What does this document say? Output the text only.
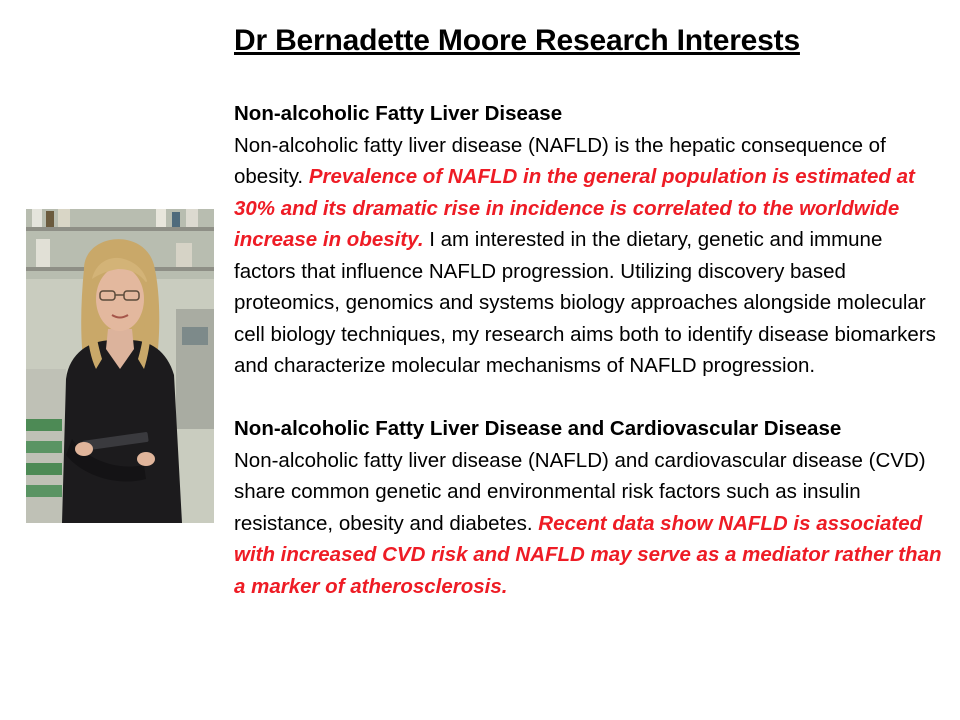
Dr Bernadette Moore Research Interests
Non-alcoholic Fatty Liver Disease

Non-alcoholic fatty liver disease (NAFLD) is the hepatic consequence of obesity. Prevalence of NAFLD in the general population is estimated at 30% and its dramatic rise in incidence is correlated to the worldwide increase in obesity. I am interested in the dietary, genetic and immune factors that influence NAFLD progression. Utilizing discovery based proteomics, genomics and systems biology approaches alongside molecular cell biology techniques, my research aims both to identify disease biomarkers and characterize molecular mechanisms of NAFLD progression.

Non-alcoholic Fatty Liver Disease and Cardiovascular Disease

Non-alcoholic fatty liver disease (NAFLD) and cardiovascular disease (CVD) share common genetic and environmental risk factors such as insulin resistance, obesity and diabetes. Recent data show NAFLD is associated with increased CVD risk and NAFLD may serve as a mediator rather than a marker of atherosclerosis.
